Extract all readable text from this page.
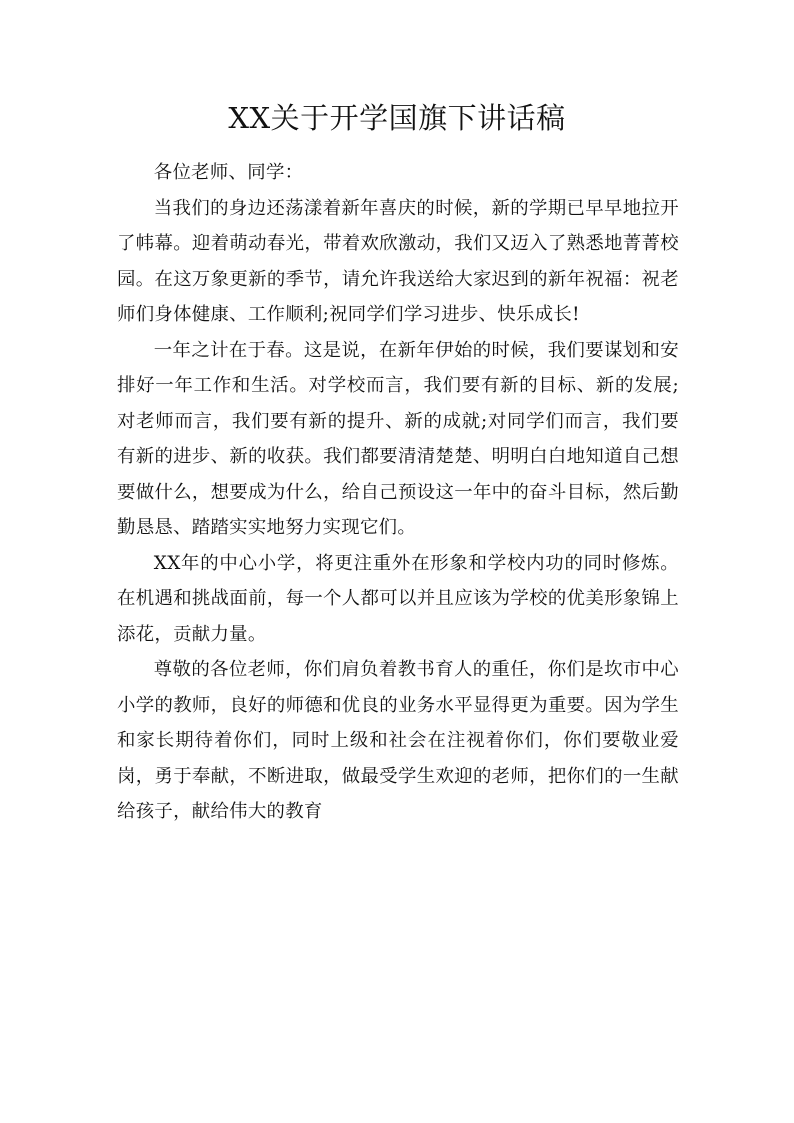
XX关于开学国旗下讲话稿

各位老师、同学：

当我们的身边还荡漾着新年喜庆的时候，新的学期已早早地拉开了帏幕。迎着萌动春光，带着欢欣激动，我们又迈入了熟悉地菁菁校园。在这万象更新的季节，请允许我送给大家迟到的新年祝福：祝老师们身体健康、工作顺利;祝同学们学习进步、快乐成长!

一年之计在于春。这是说，在新年伊始的时候，我们要谋划和安排好一年工作和生活。对学校而言，我们要有新的目标、新的发展;对老师而言，我们要有新的提升、新的成就;对同学们而言，我们要有新的进步、新的收获。我们都要清清楚楚、明明白白地知道自己想要做什么，想要成为什么，给自己预设这一年中的奋斗目标，然后勤勤恳恳、踏踏实实地努力实现它们。

XX年的中心小学，将更注重外在形象和学校内功的同时修炼。在机遇和挑战面前，每一个人都可以并且应该为学校的优美形象锦上添花，贡献力量。

尊敬的各位老师，你们肩负着教书育人的重任，你们是坎市中心小学的教师，良好的师德和优良的业务水平显得更为重要。因为学生和家长期待着你们，同时上级和社会在注视着你们，你们要敬业爱岗，勇于奉献，不断进取，做最受学生欢迎的老师，把你们的一生献给孩子，献给伟大的教育
